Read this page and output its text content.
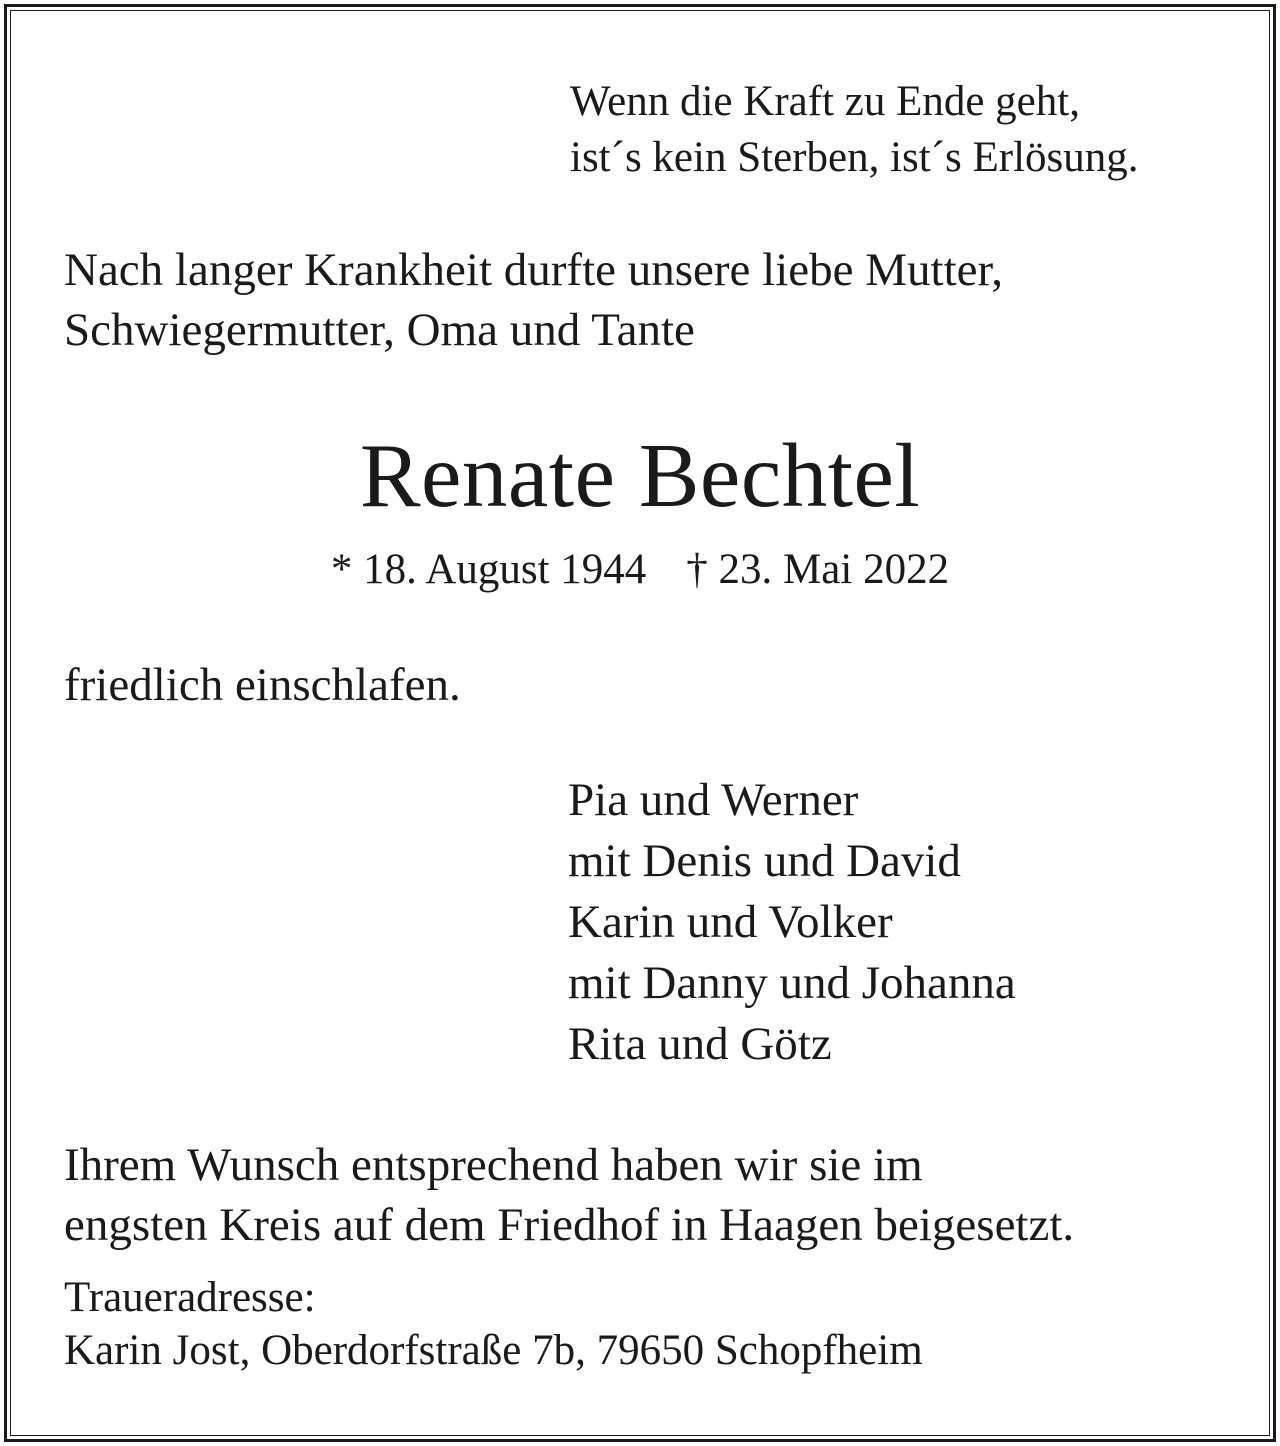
Wenn die Kraft zu Ende geht,

ist´s kein Sterben, ist´s Erlösung.

Nach langer Krankheit durfte unsere liebe Mutter,

Schwiegermutter, Oma und Tante

Renate Bechtel
* 18. August 1944 † 23. Mai 2022

friedlich einschlafen.

Pia und Werner

mit Denis und David

Karin und Volker

mit Danny und Johanna

Rita und Götz

Ihrem Wunsch entsprechend haben wir sie im

engsten Kreis auf dem Friedhof in Haagen beigesetzt.

Traueradresse:

Karin Jost, Oberdorfstraße 7b, 79650 Schopfheim
